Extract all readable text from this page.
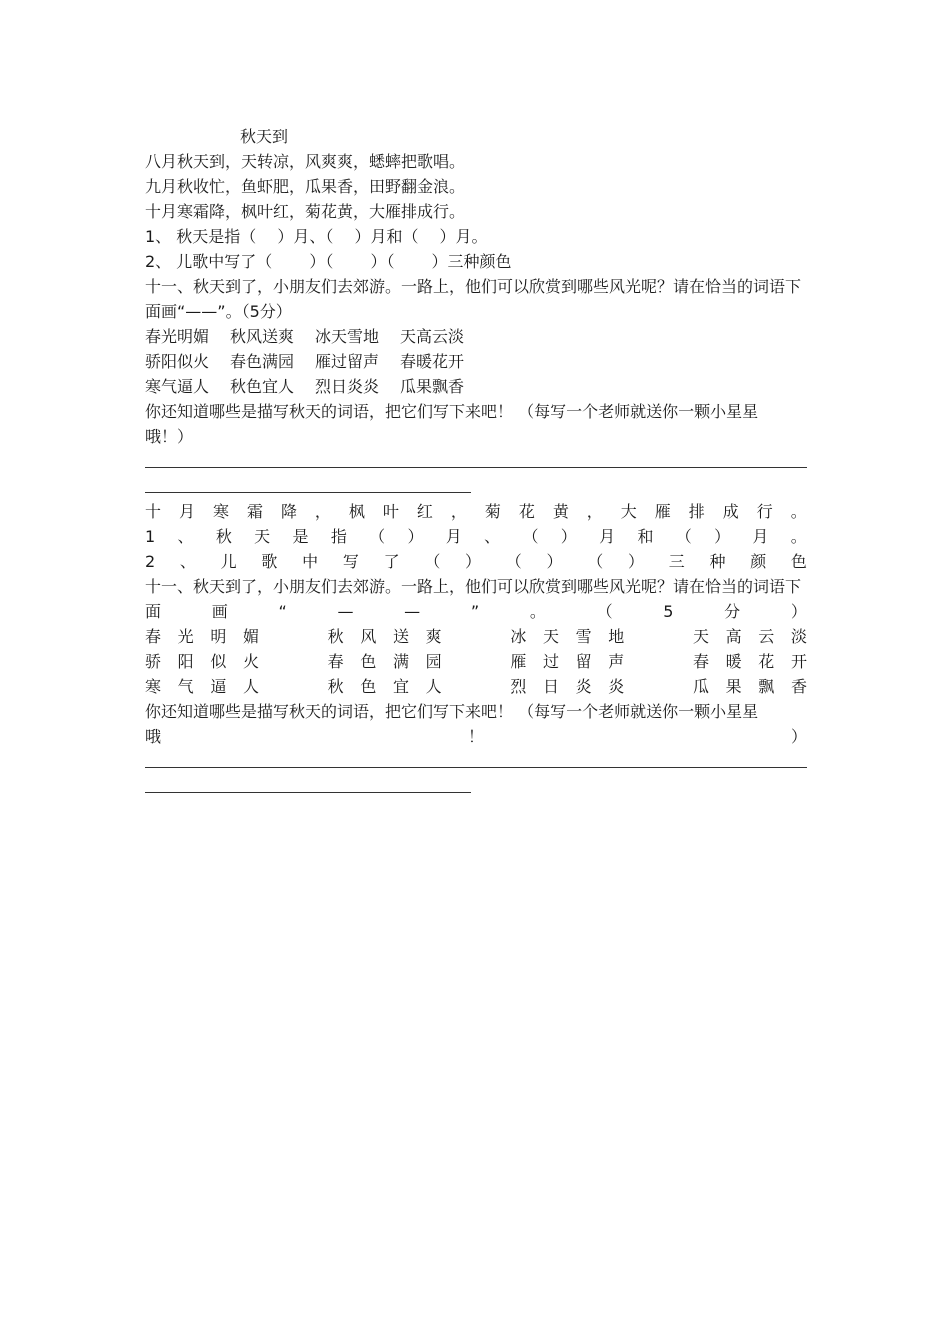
秋天到
八月秋天到，天转凉，风爽爽，蟋蟀把歌唱。
九月秋收忙，鱼虾肥，瓜果香，田野翻金浪。
十月寒霜降，枫叶红，菊花黄，大雁排成行。
1、 秋天是指（　 ）月、（　 ）月和（　 ）月。
2、 儿歌中写了（　　 ）（　　 ）（　　 ）三种颜色
十一、秋天到了，小朋友们去郊游。一路上，他们可以欣赏到哪些风光呢？请在恰当的词语下
面画“——”。（5分）
春光明媚 秋风送爽 冰天雪地 天高云淡
骄阳似火 春色满园 雁过留声 春暖花开
寒气逼人 秋色宜人 烈日炎炎 瓜果飘香
你还知道哪些是描写秋天的词语，把它们写下来吧！ （每写一个老师就送你一颗小星星
哦！）
十 月 寒 霜 降 ， 枫 叶 红 ， 菊 花 黄 ， 大 雁 排 成 行 。
1 、 秋 天 是 指 （ ） 月 、 （ ） 月 和 （ ） 月 。
2 、 儿 歌 中 写 了 （ ） （ ） （ ） 三 种 颜 色
十一、秋天到了，小朋友们去郊游。一路上，他们可以欣赏到哪些风光呢？请在恰当的词语下
面	画	“	—	—	”	。	（	5	分	）
春 光 明 媚	秋 风 送 爽	冰 天 雪 地	天 高 云 淡
骄 阳 似 火	春 色 满 园	雁 过 留 声	春 暖 花 开
寒 气 逼 人	秋 色 宜 人	烈 日 炎 炎	瓜 果 飘 香
你还知道哪些是描写秋天的词语，把它们写下来吧！ （每写一个老师就送你一颗小星星
哦	！	）
